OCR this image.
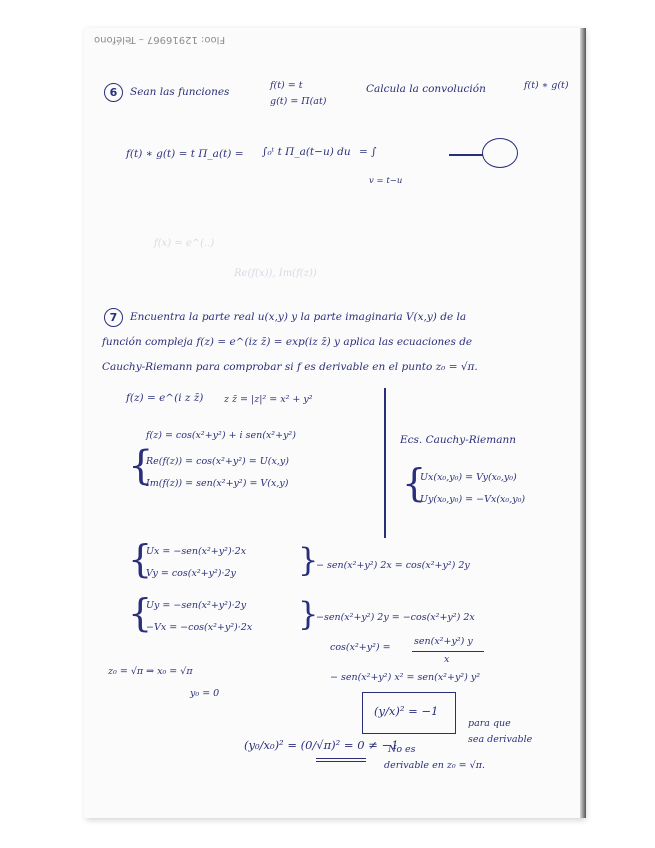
Floo: 12916967 – Teléfono
f(x) = e^(..)
Re(f(x)), Im(f(z))
6	Sean las funciones
f(t) = t
g(t) = Π(at)
Calcula la convolución	f(t) ∗ g(t)
f(t) ∗ g(t) = t Π_a(t) = ∫₀ᵗ t Π_a(t−u) du = ∫
v = t−u
7	Encuentra la parte real u(x,y) y la parte imaginaria V(x,y) de la
función compleja f(z) = e^(iz z̄) = exp(iz z̄) y aplica las ecuaciones de
Cauchy-Riemann para comprobar si f es derivable en el punto z₀ = √π.
f(z) = e^(i z z̄) z z̄ = |z|² = x² + y²
f(z) = cos(x²+y²) + i sen(x²+y²)
{
Re(f(z)) = cos(x²+y²) = U(x,y)
Im(f(z)) = sen(x²+y²) = V(x,y)
Ecs. Cauchy-Riemann
{
Ux(x₀,y₀) = Vy(x₀,y₀)
Uy(x₀,y₀) = −Vx(x₀,y₀)
{
Ux = −sen(x²+y²)·2x
Vy = cos(x²+y²)·2y }
− sen(x²+y²) 2x = cos(x²+y²) 2y
{
Uy = −sen(x²+y²)·2y
−Vx = −cos(x²+y²)·2x }
−sen(x²+y²) 2y = −cos(x²+y²) 2x
cos(x²+y²) =
sen(x²+y²) y
x
− sen(x²+y²) x² = sen(x²+y²) y²
(y/x)² = −1
para que
sea derivable
z₀ = √π ⇒ x₀ = √π
y₀ = 0
(y₀/x₀)² = (0/√π)² = 0 ≠ −1
No es
derivable en z₀ = √π.
